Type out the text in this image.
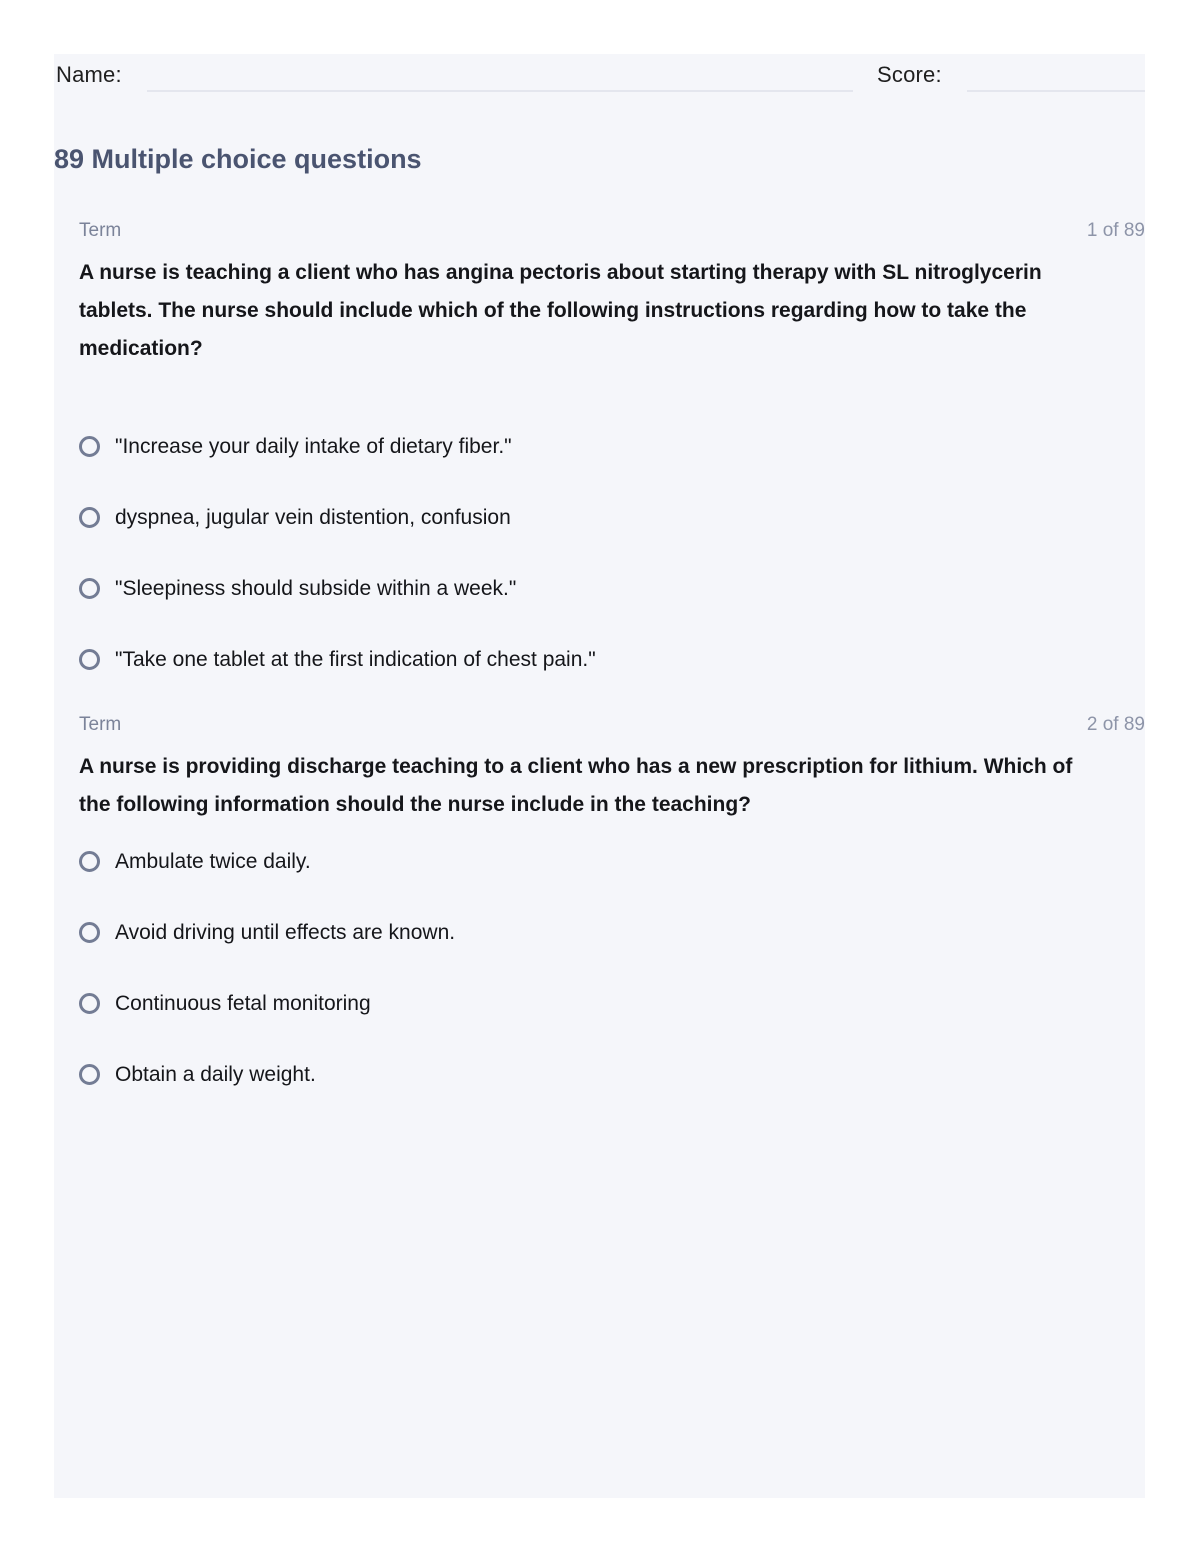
Name:	Score:
89 Multiple choice questions
Term	1 of 89

A nurse is teaching a client who has angina pectoris about starting therapy with SL nitroglycerin tablets. The nurse should include which of the following instructions regarding how to take the medication?

"Increase your daily intake of dietary fiber."
dyspnea, jugular vein distention, confusion
"Sleepiness should subside within a week."
"Take one tablet at the first indication of chest pain."
Term	2 of 89

A nurse is providing discharge teaching to a client who has a new prescription for lithium. Which of the following information should the nurse include in the teaching?

Ambulate twice daily.
Avoid driving until effects are known.
Continuous fetal monitoring
Obtain a daily weight.
